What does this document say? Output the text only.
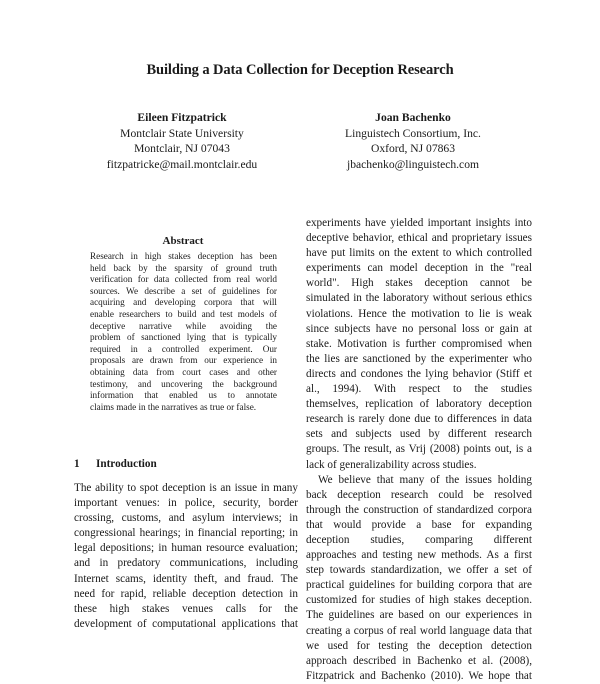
Building a Data Collection for Deception Research
Eileen Fitzpatrick
Montclair State University
Montclair, NJ 07043
fitzpatricke@mail.montclair.edu
Joan Bachenko
Linguistech Consortium, Inc.
Oxford, NJ 07863
jbachenko@linguistech.com
Abstract
Research in high stakes deception has been
held back by the sparsity of ground truth
verification for data collected from real world
sources. We describe a set of guidelines for
acquiring and developing corpora that will
enable researchers to build and test models of
deceptive narrative while avoiding the
problem of sanctioned lying that is typically
required in a controlled experiment. Our
proposals are drawn from our experience in
obtaining data from court cases and other
testimony, and uncovering the background
information that enabled us to annotate
claims made in the narratives as true or false.
1 Introduction
The ability to spot deception is an issue in many
important venues: in police, security, border
crossing, customs, and asylum interviews; in
congressional hearings; in financial reporting; in
legal depositions; in human resource evaluation;
and in predatory communications, including
Internet scams, identity theft, and fraud. The
need for rapid, reliable deception detection in
these high stakes venues calls for the
development of computational applications that
experiments have yielded important insights into
deceptive behavior, ethical and proprietary issues
have put limits on the extent to which controlled
experiments can model deception in the "real
world". High stakes deception cannot be
simulated in the laboratory without serious ethics
violations. Hence the motivation to lie is weak
since subjects have no personal loss or gain at
stake. Motivation is further compromised when
the lies are sanctioned by the experimenter who
directs and condones the lying behavior (Stiff et
al., 1994). With respect to the studies
themselves, replication of laboratory deception
research is rarely done due to differences in data
sets and subjects used by different research
groups. The result, as Vrij (2008) points out, is a
lack of generalizability across studies.
We believe that many of the issues holding
back deception research could be resolved
through the construction of standardized corpora
that would provide a base for expanding
deception studies, comparing different
approaches and testing new methods. As a first
step towards standardization, we offer a set of
practical guidelines for building corpora that are
customized for studies of high stakes deception.
The guidelines are based on our experiences in
creating a corpus of real world language data that
we used for testing the deception detection
approach described in Bachenko et al. (2008),
Fitzpatrick and Bachenko (2010). We hope that
